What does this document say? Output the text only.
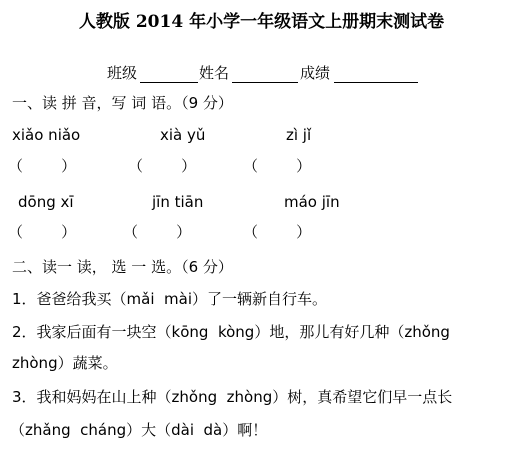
人教版 2014 年小学一年级语文上册期末测试卷
班级	姓名	成绩
一、读 拼 音，写 词 语。（9 分）
xiǎo niǎo	xià yǔ	zì jǐ
（        ）	（        ）	（        ）
dōng xī	jīn tiān	máo jīn
（        ）	（        ）	（        ）
二、读一 读， 选 一 选。（6 分）
1．爸爸给我买（mǎi  mài）了一辆新自行车。
2．我家后面有一块空（kōng  kòng）地，那儿有好几种（zhǒng
zhòng）蔬菜。
3．我和妈妈在山上种（zhǒng  zhòng）树，真希望它们早一点长
（zhǎng  cháng）大（dài  dà）啊！
